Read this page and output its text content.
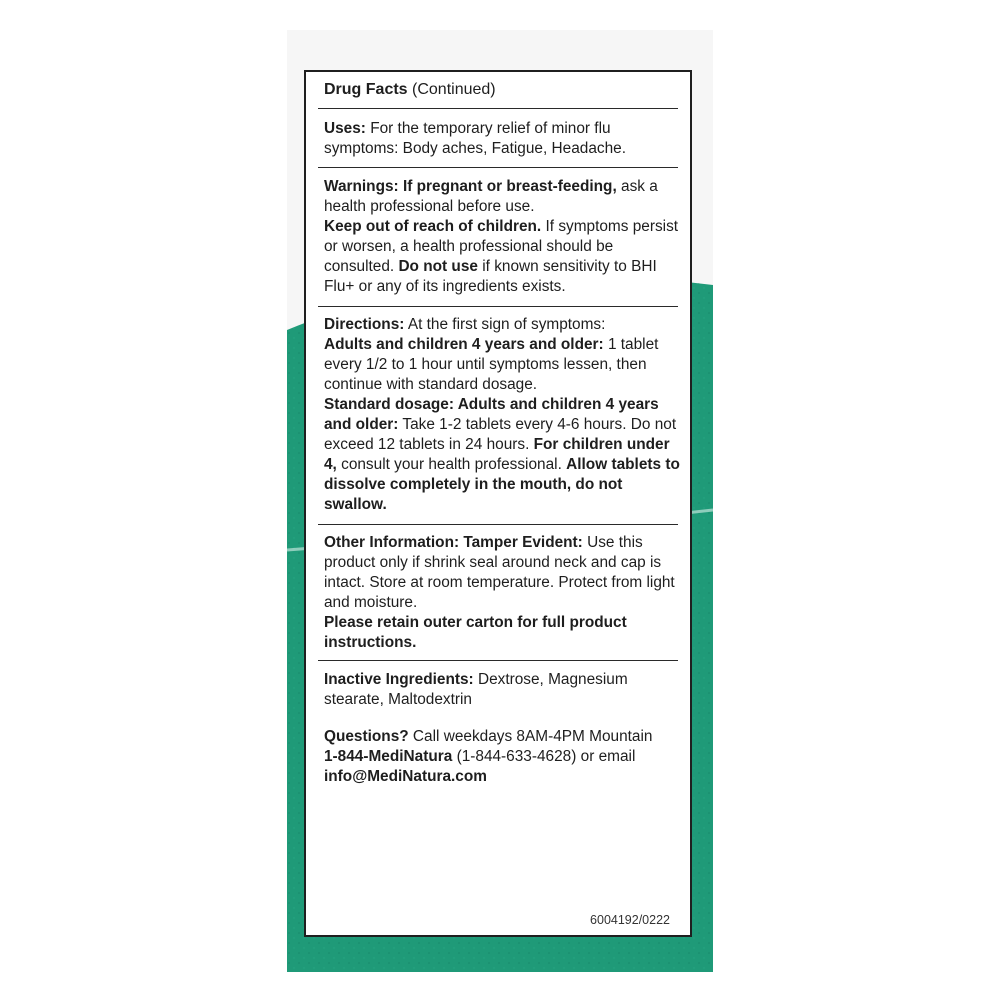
Drug Facts (Continued)
Uses: For the temporary relief of minor flu symptoms: Body aches, Fatigue, Headache.
Warnings: If pregnant or breast-feeding, ask a health professional before use.
Keep out of reach of children. If symptoms persist or worsen, a health professional should be consulted. Do not use if known sensitivity to BHI Flu+ or any of its ingredients exists.
Directions: At the first sign of symptoms:
Adults and children 4 years and older: 1 tablet every 1/2 to 1 hour until symptoms lessen, then continue with standard dosage.
Standard dosage: Adults and children 4 years and older: Take 1-2 tablets every 4-6 hours. Do not exceed 12 tablets in 24 hours. For children under 4, consult your health professional. Allow tablets to dissolve completely in the mouth, do not swallow.
Other Information: Tamper Evident: Use this product only if shrink seal around neck and cap is intact. Store at room temperature. Protect from light and moisture.
Please retain outer carton for full product instructions.
Inactive Ingredients: Dextrose, Magnesium stearate, Maltodextrin
Questions? Call weekdays 8AM-4PM Mountain
1-844-MediNatura (1-844-633-4628) or email info@MediNatura.com
6004192/0222
